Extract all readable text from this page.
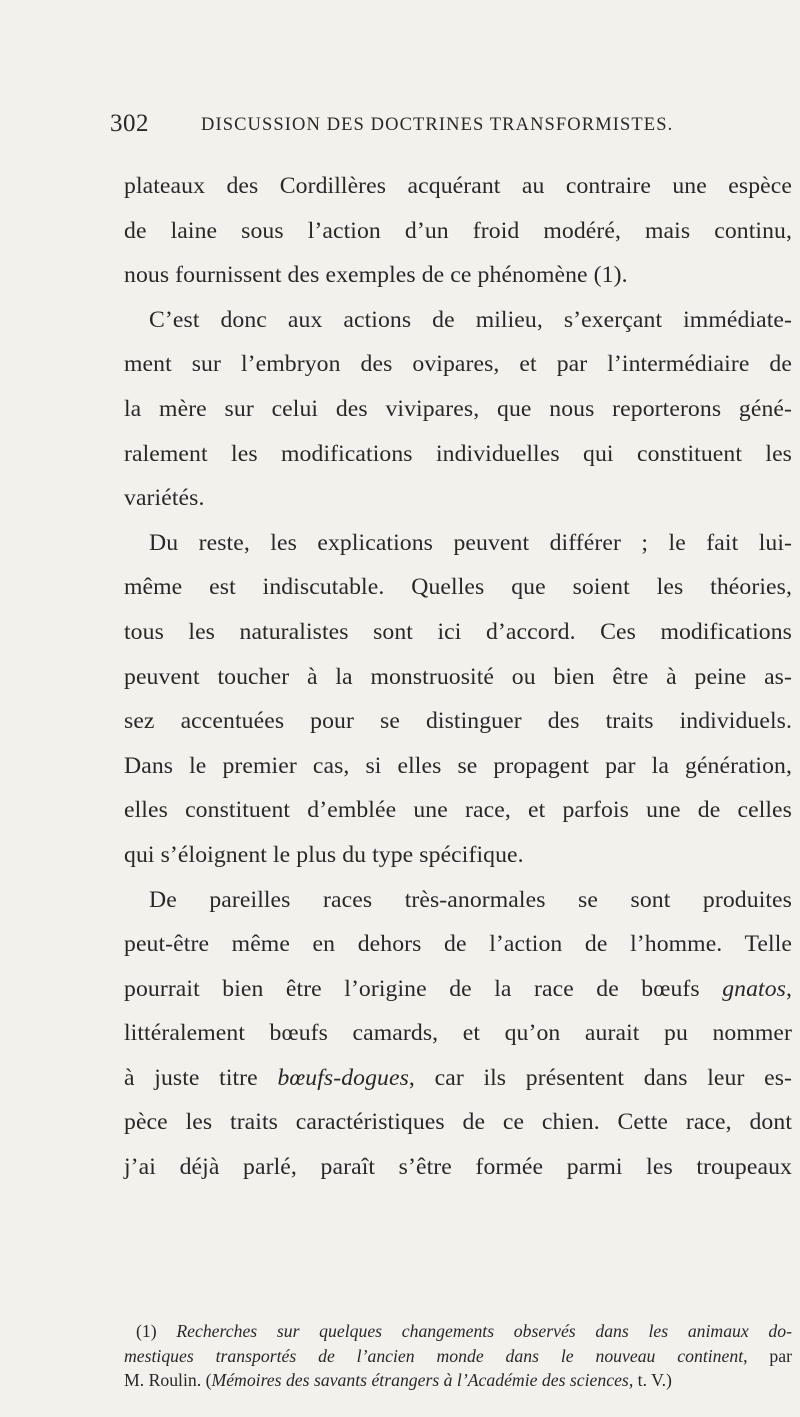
302	DISCUSSION DES DOCTRINES TRANSFORMISTES.
plateaux des Cordillères acquérant au contraire une espèce
de laine sous l’action d’un froid modéré, mais continu,
nous fournissent des exemples de ce phénomène (1).
C’est donc aux actions de milieu, s’exerçant immédiate-
ment sur l’embryon des ovipares, et par l’intermédiaire de
la mère sur celui des vivipares, que nous reporterons géné-
ralement les modifications individuelles qui constituent les
variétés.
Du reste, les explications peuvent différer ; le fait lui-
même est indiscutable. Quelles que soient les théories,
tous les naturalistes sont ici d’accord. Ces modifications
peuvent toucher à la monstruosité ou bien être à peine as-
sez accentuées pour se distinguer des traits individuels.
Dans le premier cas, si elles se propagent par la génération,
elles constituent d’emblée une race, et parfois une de celles
qui s’éloignent le plus du type spécifique.
De pareilles races très-anormales se sont produites
peut-être même en dehors de l’action de l’homme. Telle
pourrait bien être l’origine de la race de bœufs gnatos,
littéralement bœufs camards, et qu’on aurait pu nommer
à juste titre bœufs-dogues, car ils présentent dans leur es-
pèce les traits caractéristiques de ce chien. Cette race, dont
j’ai déjà parlé, paraît s’être formée parmi les troupeaux
(1) Recherches sur quelques changements observés dans les animaux do-
mestiques transportés de l’ancien monde dans le nouveau continent, par
M. Roulin. (Mémoires des savants étrangers à l’Académie des sciences, t. V.)
